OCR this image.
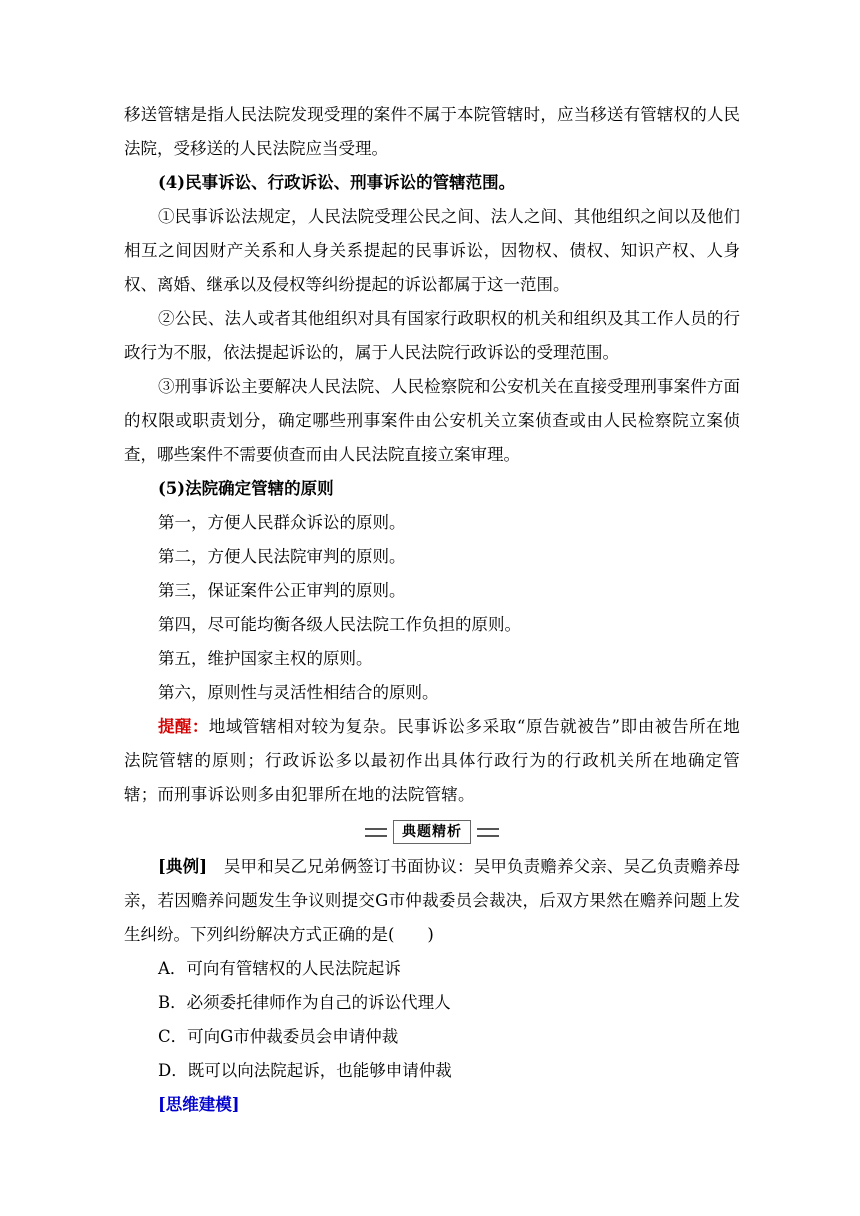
移送管辖是指人民法院发现受理的案件不属于本院管辖时，应当移送有管辖权的人民法院，受移送的人民法院应当受理。

(4)民事诉讼、行政诉讼、刑事诉讼的管辖范围。

①民事诉讼法规定，人民法院受理公民之间、法人之间、其他组织之间以及他们相互之间因财产关系和人身关系提起的民事诉讼，因物权、债权、知识产权、人身权、离婚、继承以及侵权等纠纷提起的诉讼都属于这一范围。

②公民、法人或者其他组织对具有国家行政职权的机关和组织及其工作人员的行政行为不服，依法提起诉讼的，属于人民法院行政诉讼的受理范围。

③刑事诉讼主要解决人民法院、人民检察院和公安机关在直接受理刑事案件方面的权限或职责划分，确定哪些刑事案件由公安机关立案侦查或由人民检察院立案侦查，哪些案件不需要侦查而由人民法院直接立案审理。

(5)法院确定管辖的原则

第一，方便人民群众诉讼的原则。

第二，方便人民法院审判的原则。

第三，保证案件公正审判的原则。

第四，尽可能均衡各级人民法院工作负担的原则。

第五，维护国家主权的原则。

第六，原则性与灵活性相结合的原则。

提醒：地域管辖相对较为复杂。民事诉讼多采取“原告就被告”即由被告所在地法院管辖的原则；行政诉讼多以最初作出具体行政行为的行政机关所在地确定管辖；而刑事诉讼则多由犯罪所在地的法院管辖。

典题精析

[典例]　吴甲和吴乙兄弟俩签订书面协议：吴甲负责赡养父亲、吴乙负责赡养母亲，若因赡养问题发生争议则提交G市仲裁委员会裁决，后双方果然在赡养问题上发生纠纷。下列纠纷解决方式正确的是(　　)

A．可向有管辖权的人民法院起诉

B．必须委托律师作为自己的诉讼代理人

C．可向G市仲裁委员会申请仲裁

D．既可以向法院起诉，也能够申请仲裁

[思维建模]
